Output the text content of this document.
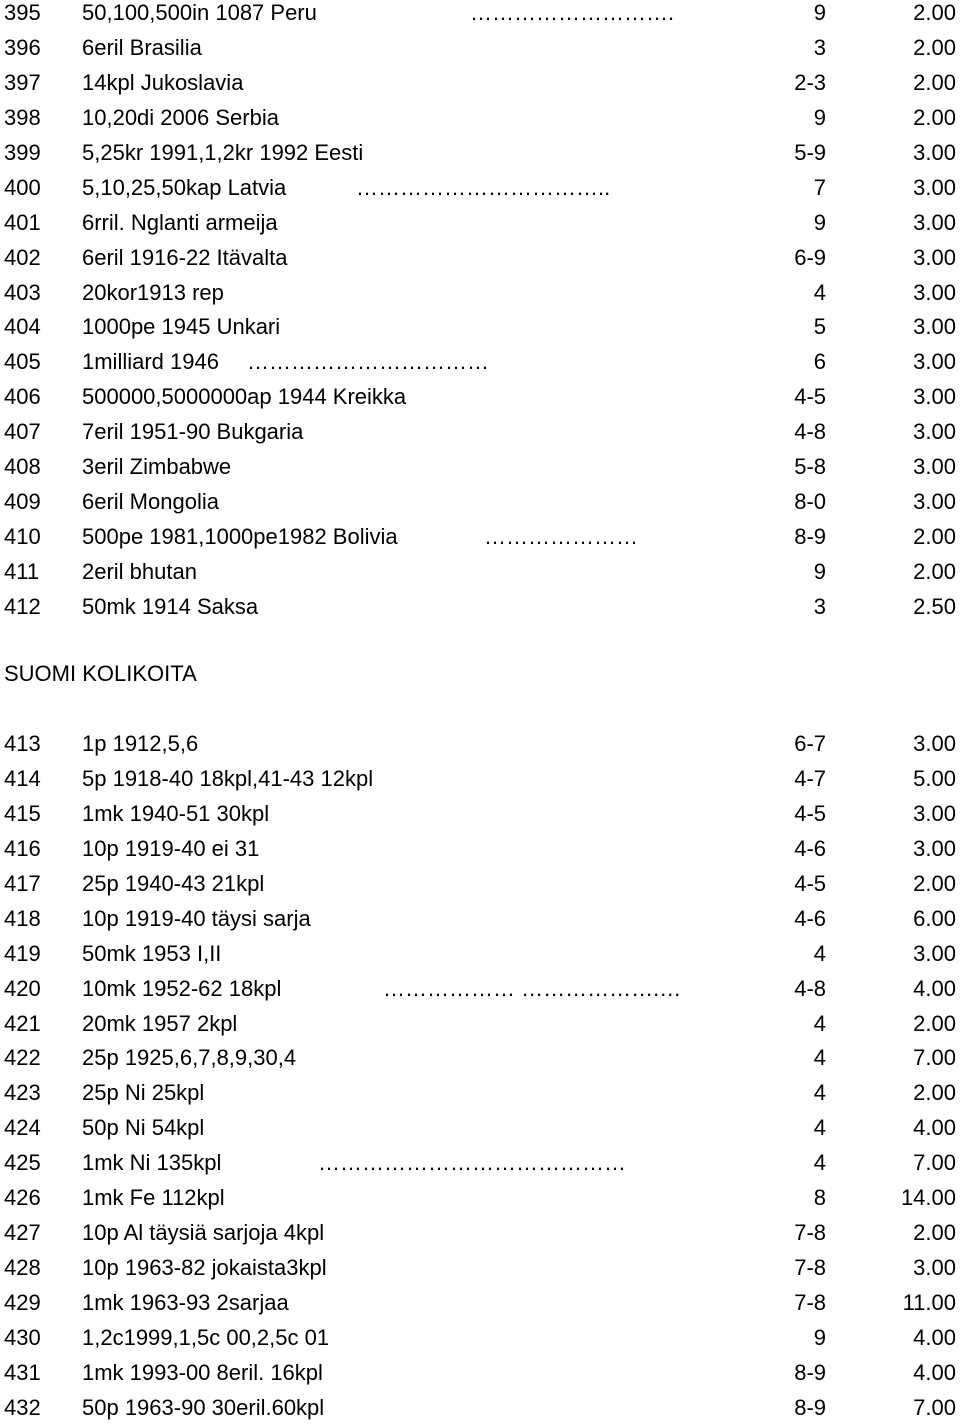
395 50,100,500in 1087 Peru	……………………….	9	2.00
396 6eril Brasilia	3	2.00
397 14kpl Jukoslavia	2-3	2.00
398 10,20di 2006 Serbia	9	2.00
399 5,25kr 1991,1,2kr 1992 Eesti	5-9	3.00
400 5,10,25,50kap Latvia	……………………………..	7	3.00
401 6rril. Nglanti armeija	9	3.00
402 6eril 1916-22 Itävalta	6-9	3.00
403 20kor1913 rep	4	3.00
404 1000pe 1945 Unkari	5	3.00
405 1milliard 1946 ……………………………	6	3.00
406 500000,5000000ap 1944 Kreikka	4-5	3.00
407 7eril 1951-90 Bukgaria	4-8	3.00
408 3eril Zimbabwe	5-8	3.00
409 6eril Mongolia	8-0	3.00
410 500pe 1981,1000pe1982 Bolivia	…………………	8-9	2.00
411 2eril bhutan	9	2.00
412 50mk 1914 Saksa	3	2.50
SUOMI KOLIKOITA
413 1p 1912,5,6	6-7	3.00
414 5p 1918-40 18kpl,41-43 12kpl	4-7	5.00
415 1mk 1940-51 30kpl	4-5	3.00
416 10p 1919-40 ei 31	4-6	3.00
417 25p 1940-43 21kpl	4-5	2.00
418 10p 1919-40 täysi sarja	4-6	6.00
419 50mk 1953 I,II	4	3.00
420 10mk 1952-62 18kpl	……………… ……………….…	4-8	4.00
421 20mk 1957 2kpl	4	2.00
422 25p 1925,6,7,8,9,30,4	4	7.00
423 25p Ni 25kpl	4	2.00
424 50p Ni 54kpl	4	4.00
425 1mk Ni 135kpl	……………………………………	4	7.00
426 1mk Fe 112kpl	8	14.00
427 10p Al täysiä sarjoja 4kpl	7-8	2.00
428 10p 1963-82 jokaista3kpl	7-8	3.00
429 1mk 1963-93 2sarjaa	7-8	11.00
430 1,2c1999,1,5c 00,2,5c 01	9	4.00
431 1mk 1993-00 8eril. 16kpl	8-9	4.00
432 50p 1963-90 30eril.60kpl	8-9	7.00
